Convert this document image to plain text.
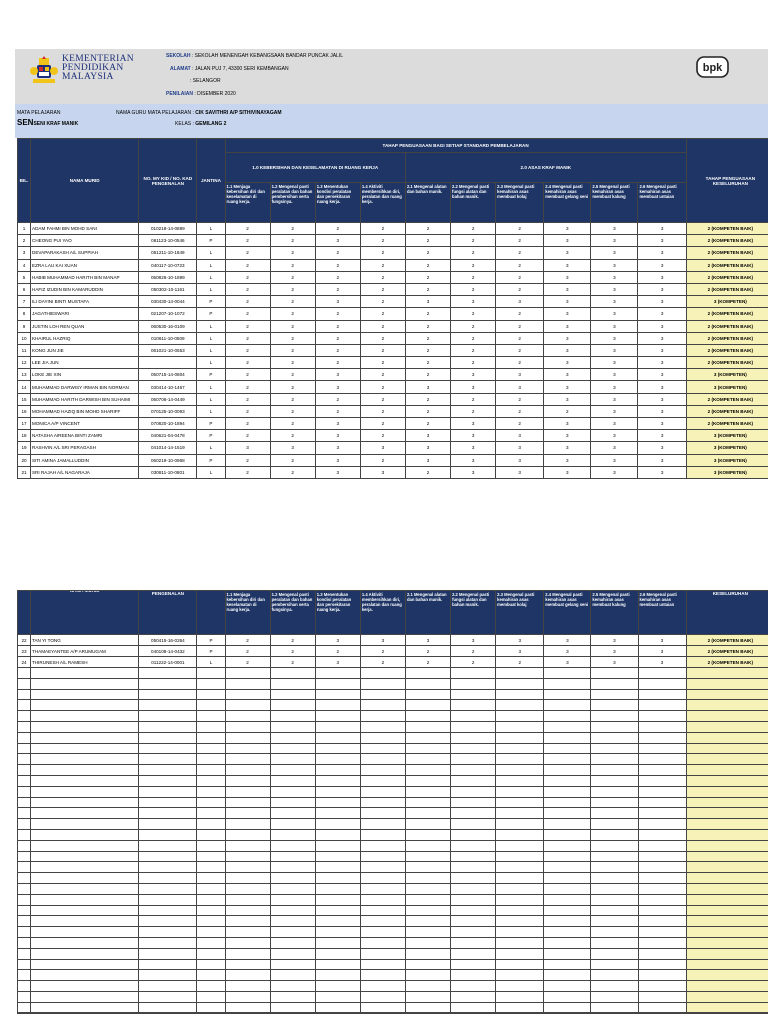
KEMENTERIAN
PENDIDIKAN
MALAYSIA
SEKOLAH : SEKOLAH MENENGAH KEBANGSAAN BANDAR PUNCAK JALIL
ALAMAT : JALAN PUJ 7, 43300 SERI KEMBANGAN
: SELANGOR
PENILAIAN : DISEMBER 2020
bpk
MATA PELAJARAN
SENSENI KRAF MANIK
NAMA GURU MATA PELAJARAN : CIK SAVITHRI A/P SITHIVINAYAGAM
KELAS : GEMILANG 2
BIL.	NAMA MURID	NO. MY KID / NO. KAD PENGENALAN	JANTINA	TAHAP PENGUASAAN BAGI SETIAP STANDARD PEMBELAJARAN										TAHAP PENGUASAAN KESELURUHAN
				1.0 KEBERSIHAN DAN KESELAMATAN DI RUANG KERJA				2.0 ASAS KRAF MANIK						
				1.1 Menjaga kebersihan diri dan keselamatan di ruang kerja.	1.2 Mengenal pasti peralatan dan bahan pembersihan serta fungsinya.	1.3 Menentukan kondisi peralatan dan persekitaran ruang kerja.	1.4 Aktiviti membersihkan diri, peralatan dan ruang kerja.	2.1 Mengenal alatan dan bahan manik.	2.2 Mengenal pasti fungsi alatan dan bahan manik.	2.3 Mengenal pasti kemahiran asas membuat kolaj	2.4 Mengenal pasti kemahiran asas membuat gelang seni	2.5 Mengenal pasti kemahiran asas membuat kalung	2.6 Mengenal pasti kemahiran asas membuat untaian	
1	ADAM FAHMI BIN MOHD SANI	010218-14-0889	L	2	2	2	2	2	2	2	3	3	3	2 (KOMPETEN BAIK)
2	CHEONG PUI YAO	061123-10-0546	P	2	2	3	2	2	2	2	3	3	3	2 (KOMPETEN BAIK)
3	DEVAPARAKASH A/L SUPPIAH	051211-10-1849	L	2	2	2	2	2	2	2	3	3	3	2 (KOMPETEN BAIK)
4	EZRA LAU KAI XUAN	040117-10-0723	L	2	2	2	2	2	2	2	3	3	3	2 (KOMPETEN BAIK)
5	HABIB MUHAMMAD HARITH BIN MANAP	050826-10-1899	L	2	2	2	2	2	2	2	3	3	3	2 (KOMPETEN BAIK)
6	HAFIZ IZUDIN BIN KAMARUDDIN	050302-10-1161	L	2	2	2	2	2	2	2	3	3	3	2 (KOMPETEN BAIK)
7	ILI DAYINI BINTI MUSTAFA	030430-14-0044	P	2	2	3	2	3	3	3	3	3	3	3 (KOMPETEN)
8	JAGATHIESWARI	021207-10-1072	P	2	2	2	2	2	2	2	3	3	3	2 (KOMPETEN BAIK)
9	JUSTIN LOH REN QUAN	060530-16-0109	L	2	2	2	2	2	2	2	3	3	3	2 (KOMPETEN BAIK)
10	KHAIRUL HAZRIQ	010611-10-0509	L	2	2	2	2	2	2	2	3	3	3	2 (KOMPETEN BAIK)
11	KONG JUN JIE	061021-10-0553	L	2	2	2	2	2	2	2	3	3	3	2 (KOMPETEN BAIK)
12	LEE JIA JUN		L	2	2	2	2	2	2	2	3	3	3	2 (KOMPETEN BAIK)
13	LOKE JIE XIN	050715-14-0804	P	2	2	3	2	2	3	3	3	3	3	3 (KOMPETEN)
14	MUHAMMAD DARWISY IRMAN BIN NORMAN	030414-10-1467	L	2	2	3	2	3	3	3	3	3	3	3 (KOMPETEN)
15	MUHAMMAD HARITH DARWISH BIN SUHAIMI	060706-14-0449	L	2	2	2	2	2	2	2	3	3	3	2 (KOMPETEN BAIK)
16	MOHAMMAD HAZIQ BIN MOHD SHARIFF	070125-10-0093	L	2	2	2	2	2	2	2	2	3	3	2 (KOMPETEN BAIK)
17	MONICA A/P VINCENT	070820-10-1894	P	2	2	3	2	2	3	2	3	3	3	2 (KOMPETEN BAIK)
18	NATASHA AIREENA BINTI ZAMRI	040621-04-0478	P	2	2	3	2	3	3	3	3	3	3	3 (KOMPETEN)
19	RASHVIN A/L SRI PERAGASH	041014-14-1519	L	3	3	3	3	3	3	3	3	3	3	3 (KOMPETEN)
20	SITI AMINA JAMALLUDDIN	060219-10-0968	P	2	2	3	2	3	3	3	3	3	3	3 (KOMPETEN)
21	SRI RAJAH A/L NAGARAJA	030811-10-0801	L	2	2	3	3	2	3	3	3	3	3	3 (KOMPETEN)
	NAMA MURID	PENGENALAN		1.1 Menjaga kebersihan diri dan keselamatan di ruang kerja.	1.2 Mengenal pasti peralatan dan bahan pembersihan serta fungsinya.	1.3 Menentukan kondisi peralatan dan persekitaran ruang kerja.	1.4 Aktiviti membersihkan diri, peralatan dan ruang kerja.	2.1 Mengenal alatan dan bahan manik.	2.2 Mengenal pasti fungsi alatan dan bahan manik.	2.3 Mengenal pasti kemahiran asas membuat kolaj	2.4 Mengenal pasti kemahiran asas membuat gelang seni	2.5 Mengenal pasti kemahiran asas membuat kalung	2.6 Mengenal pasti kemahiran asas membuat untaian	KESELURUHAN
22	TAN YI TONG	050415-16-0264	P	2	2	3	3	3	3	3	3	3	3	2 (KOMPETEN BAIK)
23	THAMAEYANTEE A/P ARUMUGAM	040108-14-0432	P	2	2	2	2	2	2	3	3	3	3	2 (KOMPETEN BAIK)
24	THIRUNESH A/L RAMESH	011222-14-0001	L	2	2	3	2	2	2	2	3	3	3	2 (KOMPETEN BAIK)
